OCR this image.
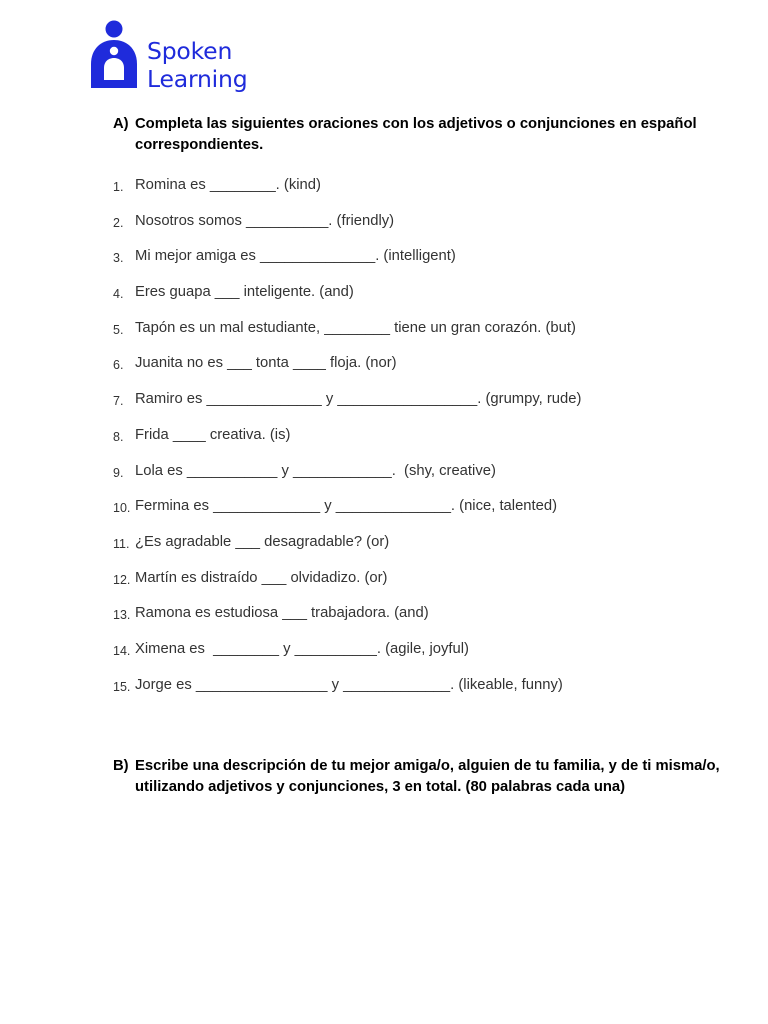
Spoken
Learning
A) Completa las siguientes oraciones con los adjetivos o conjunciones en español correspondientes.
1. Romina es ________. (kind)
2. Nosotros somos __________. (friendly)
3. Mi mejor amiga es ______________. (intelligent)
4. Eres guapa ___ inteligente. (and)
5. Tapón es un mal estudiante, ________ tiene un gran corazón. (but)
6. Juanita no es ___ tonta ____ floja. (nor)
7. Ramiro es ______________ y _________________. (grumpy, rude)
8. Frida ____ creativa. (is)
9. Lola es ___________ y ____________.  (shy, creative)
10. Fermina es _____________ y ______________. (nice, talented)
11. ¿Es agradable ___ desagradable? (or)
12. Martín es distraído ___ olvidadizo. (or)
13. Ramona es estudiosa ___ trabajadora. (and)
14. Ximena es  ________ y __________. (agile, joyful)
15. Jorge es ________________ y _____________. (likeable, funny)
B) Escribe una descripción de tu mejor amiga/o, alguien de tu familia, y de ti misma/o, utilizando adjetivos y conjunciones, 3 en total. (80 palabras cada una)
